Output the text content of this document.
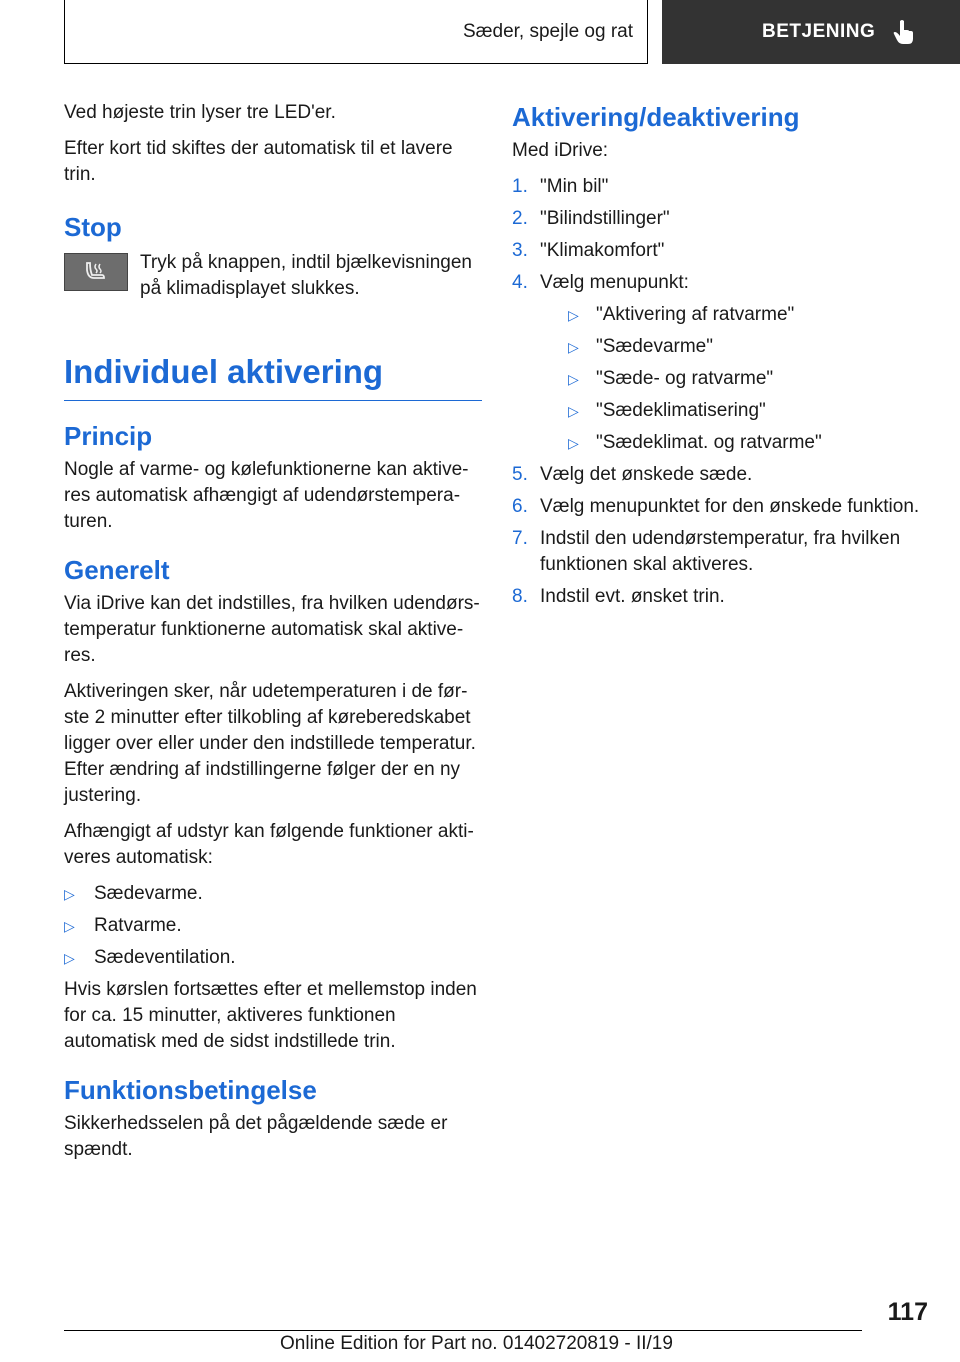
Sæder, spejle og rat	BETJENING

Ved højeste trin lyser tre LED'er.

Efter kort tid skiftes der automatisk til et lavere trin.

Stop

Tryk på knappen, indtil bjælkevisningen på klimadisplayet slukkes.

Individuel aktivering
Princip

Nogle af varme- og kølefunktionerne kan aktiveres automatisk afhængigt af udendørstemperaturen.

Generelt

Via iDrive kan det indstilles, fra hvilken udendørstemperatur funktionerne automatisk skal aktiveres.

Aktiveringen sker, når udetemperaturen i de første 2 minutter efter tilkobling af køreberedskabet ligger over eller under den indstillede temperatur. Efter ændring af indstillingerne følger der en ny justering.

Afhængigt af udstyr kan følgende funktioner aktiveres automatisk:

▷ Sædevarme.
▷ Ratvarme.
▷ Sædeventilation.

Hvis kørslen fortsættes efter et mellemstop inden for ca. 15 minutter, aktiveres funktionen automatisk med de sidst indstillede trin.

Funktionsbetingelse

Sikkerhedsselen på det pågældende sæde er spændt.

Aktivering/deaktivering

Med iDrive:

1. "Min bil"
2. "Bilindstillinger"
3. "Klimakomfort"
4. Vælg menupunkt:
▷ "Aktivering af ratvarme"
▷ "Sædevarme"
▷ "Sæde- og ratvarme"
▷ "Sædeklimatisering"
▷ "Sædeklimat. og ratvarme"
5. Vælg det ønskede sæde.
6. Vælg menupunktet for den ønskede funktion.
7. Indstil den udendørstemperatur, fra hvilken funktionen skal aktiveres.
8. Indstil evt. ønsket trin.
117
Online Edition for Part no. 01402720819 - II/19
